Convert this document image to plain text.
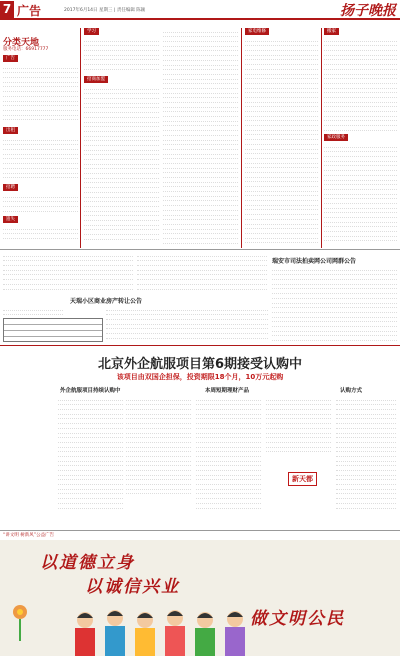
7 广告	2017年6月14日 星期三 | 责任编辑 陈颖	扬子晚报
分类天地
服务电话：66917777
广告
出租
招聘
遗失
学习
招商加盟
家电维修	搬家
家政服务
瑞安市司法拍卖网公司网群公告
天瑞小区商业房产转让公告
北京外企航服项目第6期接受认购中
该项目由双国企担保，投资期限18个月，10万元起购
外企航服项目持续认购中	本周短期理财产品	认购方式
新天都
“讲文明 树新风”公益广告
以道德立身
以诚信兴业
做文明公民
